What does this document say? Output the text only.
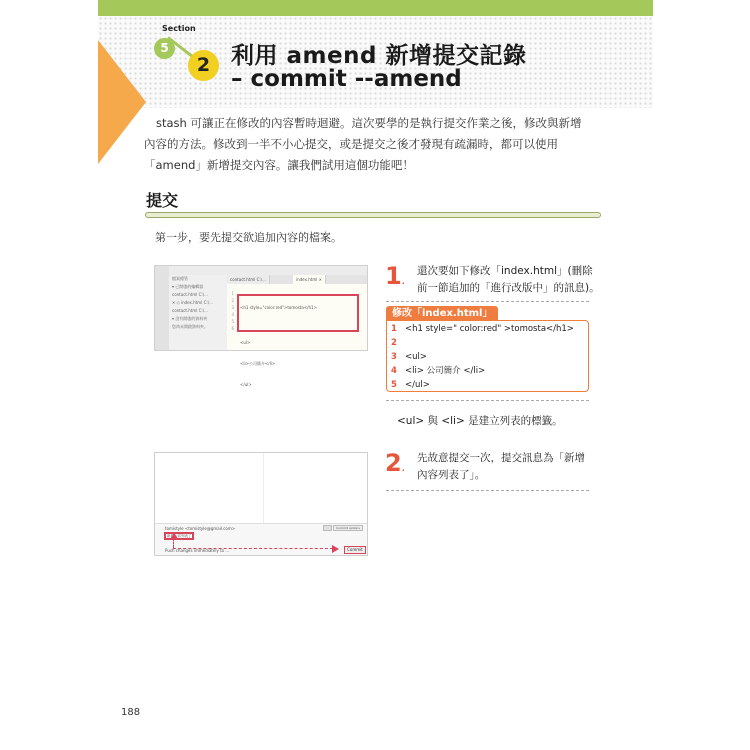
Section
5
2 利用 amend 新增提交記錄
– commit --amend

stash 可讓正在修改的內容暫時迴避。這次要學的是執行提交作業之後，修改與新增

內容的方法。修改到一半不小心提交，或是提交之後才發現有疏漏時，都可以使用
「amend」新增提交內容。讓我們試用這個功能吧！
提交
第一步，要先提交欲追加內容的檔案。
檔案總管
▾ 已開啟的編輯器
contact.html C:\...
✕ ◇ index.html C:\...
contact.html C:\...
▾ 沒有開啟的資料夾
您尚未開啟資料夾。
contact.html C:\...	index.html ✕
1
2
3
4
5
6

<h1 style="color:red">tomosta</h1>

<ul>

<li>公司簡介</li>

</ul>

1.
還次要如下修改「index.html」(刪除
前一節追加的「進行改版中」的訊息)。
修改「index.html」
1 <h1 style=" color:red" >tomosta</h1>
2
3 <ul>
4 <li> 公司簡介 </li>
5 </ul>
<ul> 與 <li> 是建立列表的標籤。
tomistyle <tomistyle@gmail.com>	Commit options
新增內容列表了
Push changes immediately to ...	Commit
2.
先故意提交一次，提交訊息為「新增
內容列表了」。
188
